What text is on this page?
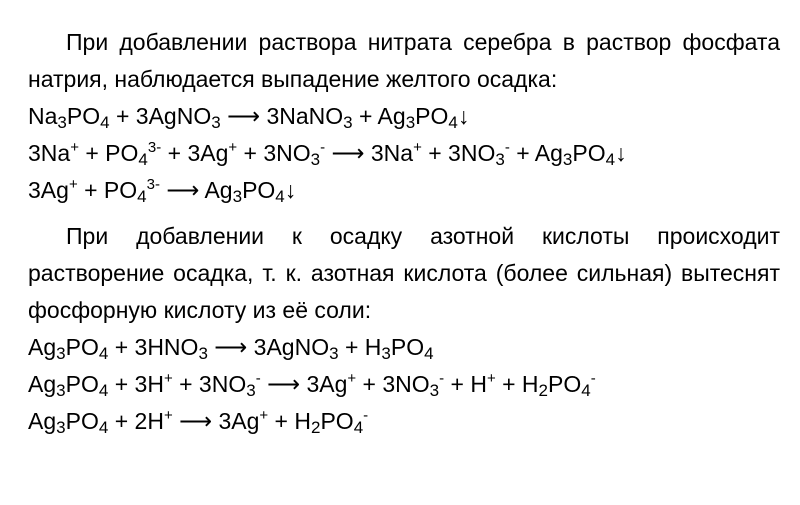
При добавлении раствора нитрата серебра в раствор фосфата натрия, наблюдается выпадение желтого осадка:

$Na_3PO_4$ + 3AgNO$_3$ ⟶ 3NaNO$_3$ + $Ag_3PO_4↓$
$3Na^+ + PO_4^{3-} + 3Ag^+ + 3NO_3^-$ ⟶ $3Na^+ + 3NO_3^-$ + $Ag_3PO_4↓$
$3Ag^+ + PO_4^{3-}$ ⟶ $Ag_3PO_4↓$

При добавлении к осадку азотной кислоты происходит растворение осадка, т. к. азотная кислота (более сильная) вытеснят фосфорную кислоту из её соли:

$Ag_3PO_4 + 3HNO_3$ ⟶ 3AgNO$_3$ + $H_3PO_4$
$Ag_3PO_4 + 3H^+ + 3NO_3^-$ ⟶ $3Ag^+ + 3NO_3^- + H^+ + H_2PO_4^-$
$Ag_3PO_4 + 2H^+$ ⟶ $3Ag^+ + H_2PO_4^-$
